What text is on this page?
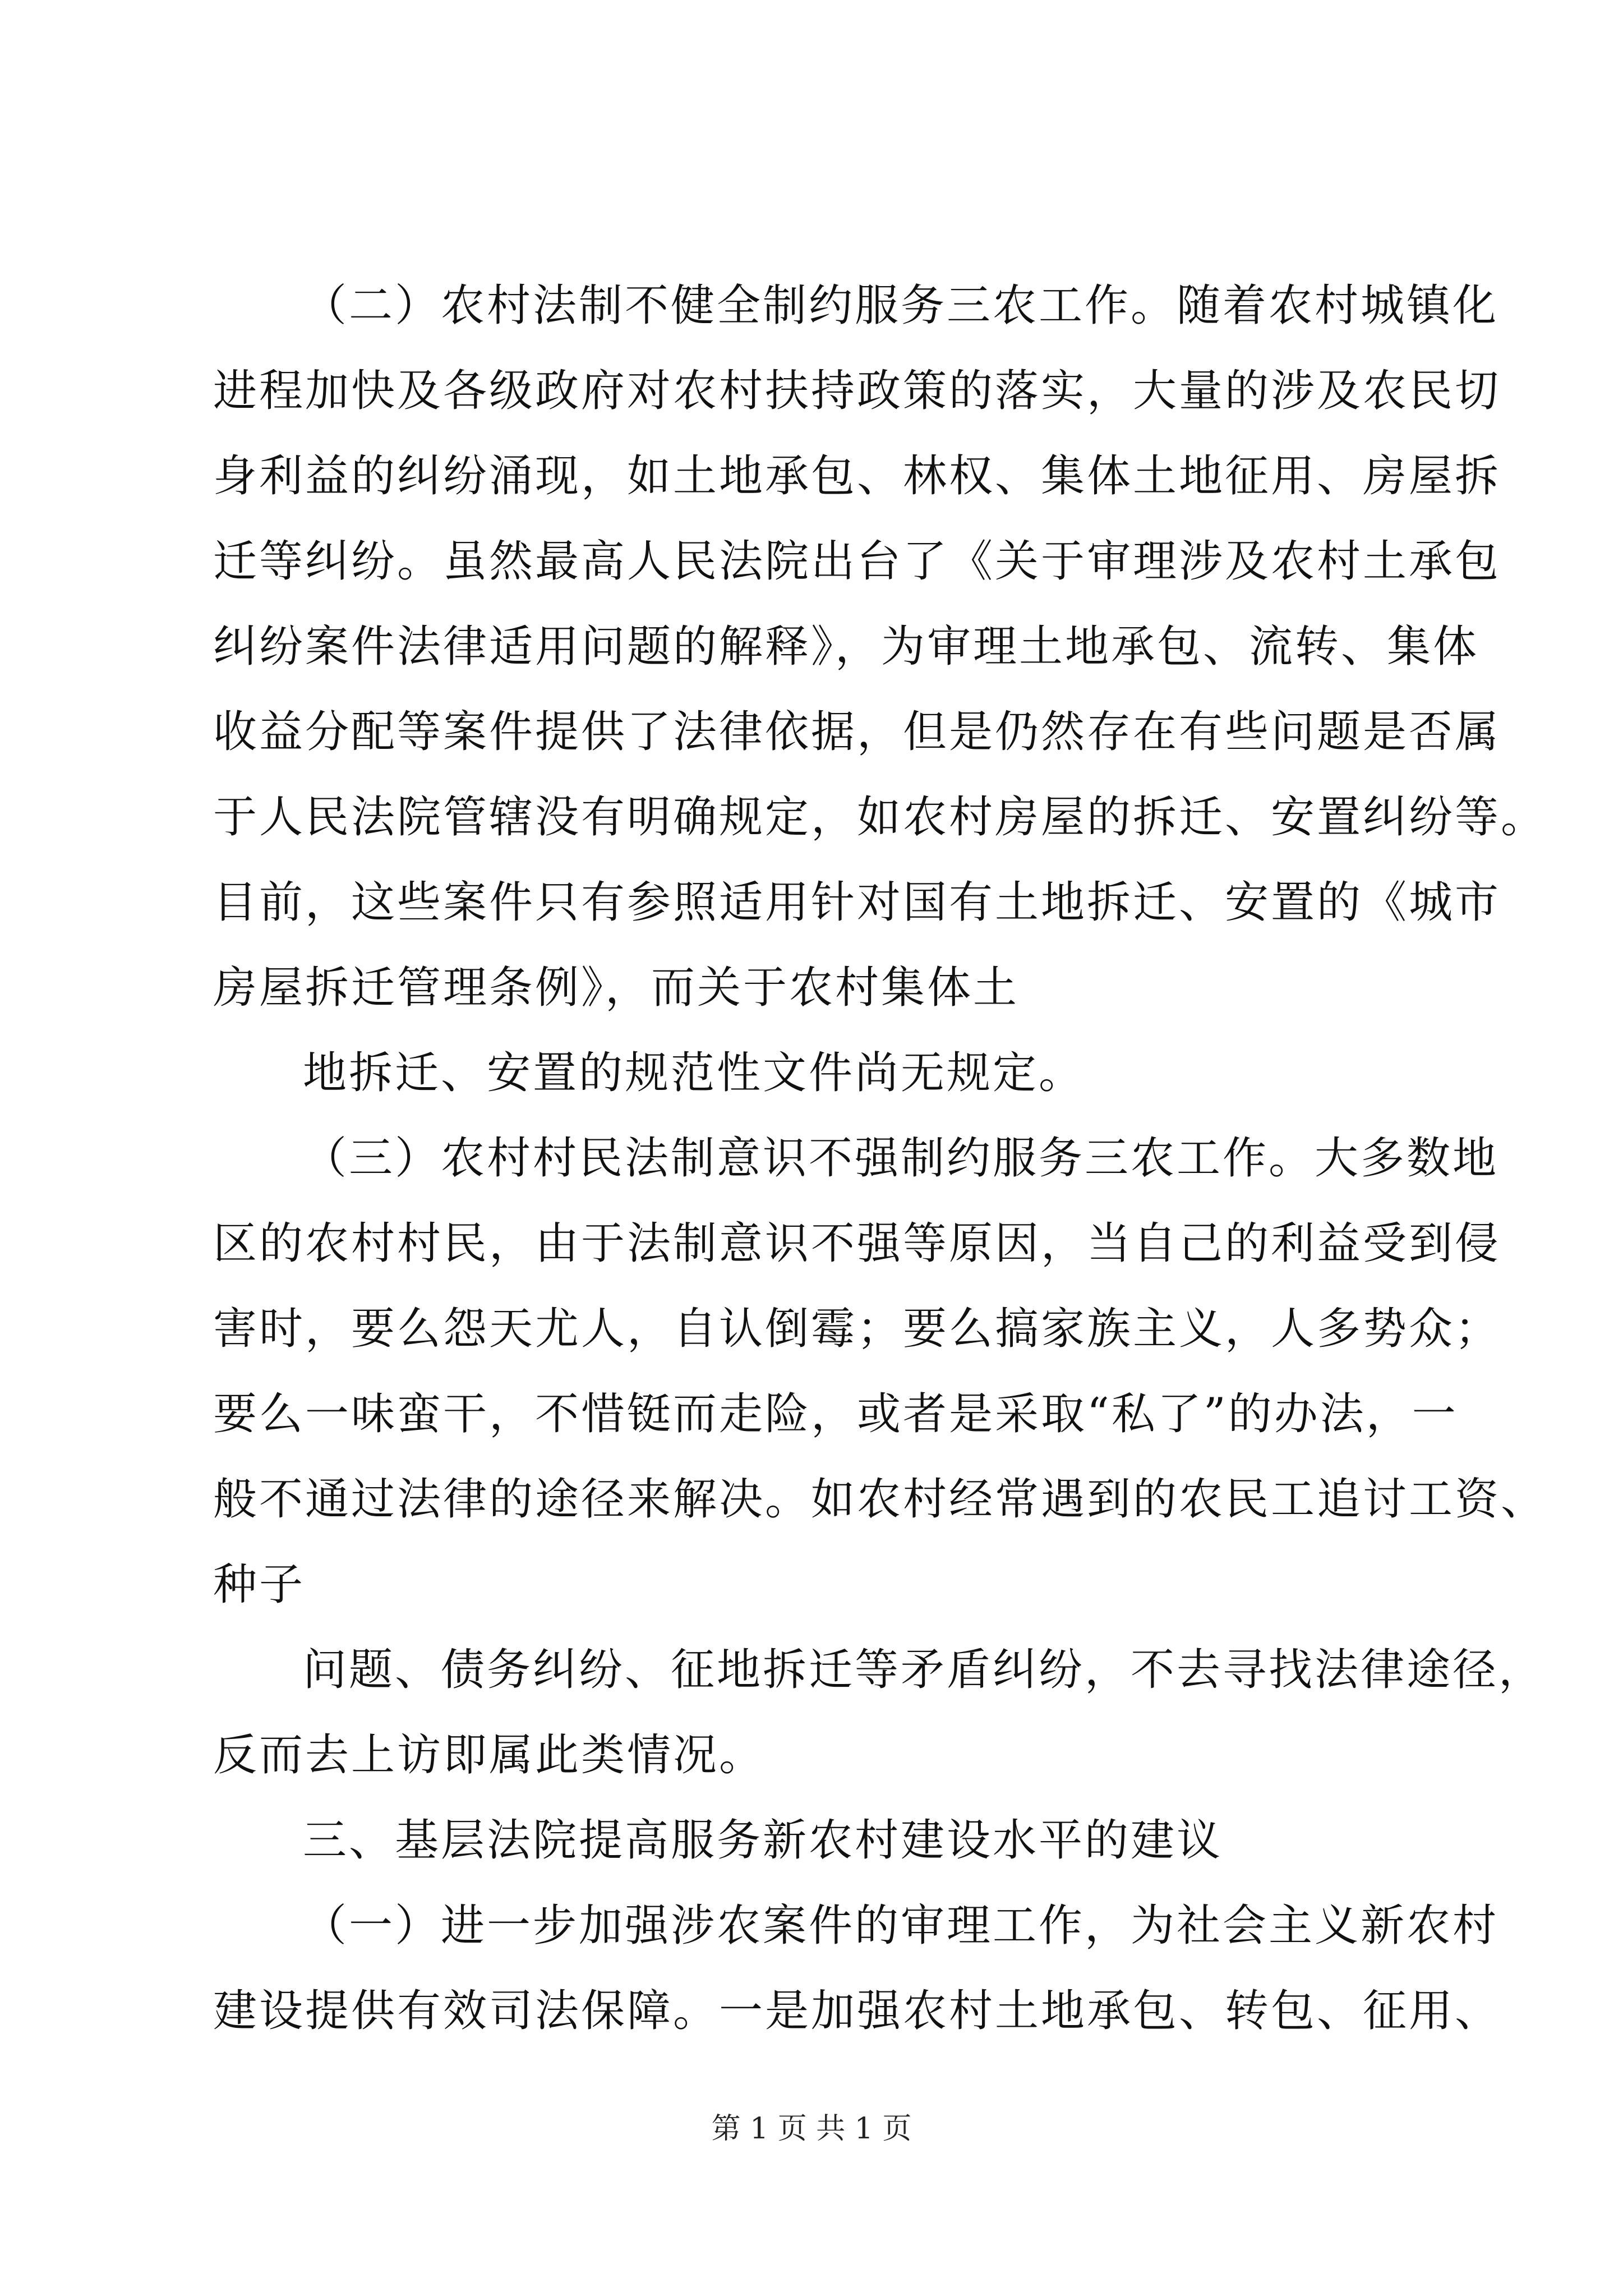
（二）农村法制不健全制约服务三农工作。随着农村城镇化
进程加快及各级政府对农村扶持政策的落实，大量的涉及农民切
身利益的纠纷涌现，如土地承包、林权、集体土地征用、房屋拆
迁等纠纷。虽然最高人民法院出台了《关于审理涉及农村土承包
纠纷案件法律适用问题的解释》，为审理土地承包、流转、集体
收益分配等案件提供了法律依据，但是仍然存在有些问题是否属
于人民法院管辖没有明确规定，如农村房屋的拆迁、安置纠纷等。
目前，这些案件只有参照适用针对国有土地拆迁、安置的《城市
房屋拆迁管理条例》，而关于农村集体土
地拆迁、安置的规范性文件尚无规定。
（三）农村村民法制意识不强制约服务三农工作。大多数地
区的农村村民，由于法制意识不强等原因，当自己的利益受到侵
害时，要么怨天尤人，自认倒霉；要么搞家族主义，人多势众；
要么一味蛮干，不惜铤而走险，或者是采取“私了”的办法，一
般不通过法律的途径来解决。如农村经常遇到的农民工追讨工资、
种子
问题、债务纠纷、征地拆迁等矛盾纠纷，不去寻找法律途径，
反而去上访即属此类情况。
三、基层法院提高服务新农村建设水平的建议
（一）进一步加强涉农案件的审理工作，为社会主义新农村
建设提供有效司法保障。一是加强农村土地承包、转包、征用、
第 1 页 共 1 页
